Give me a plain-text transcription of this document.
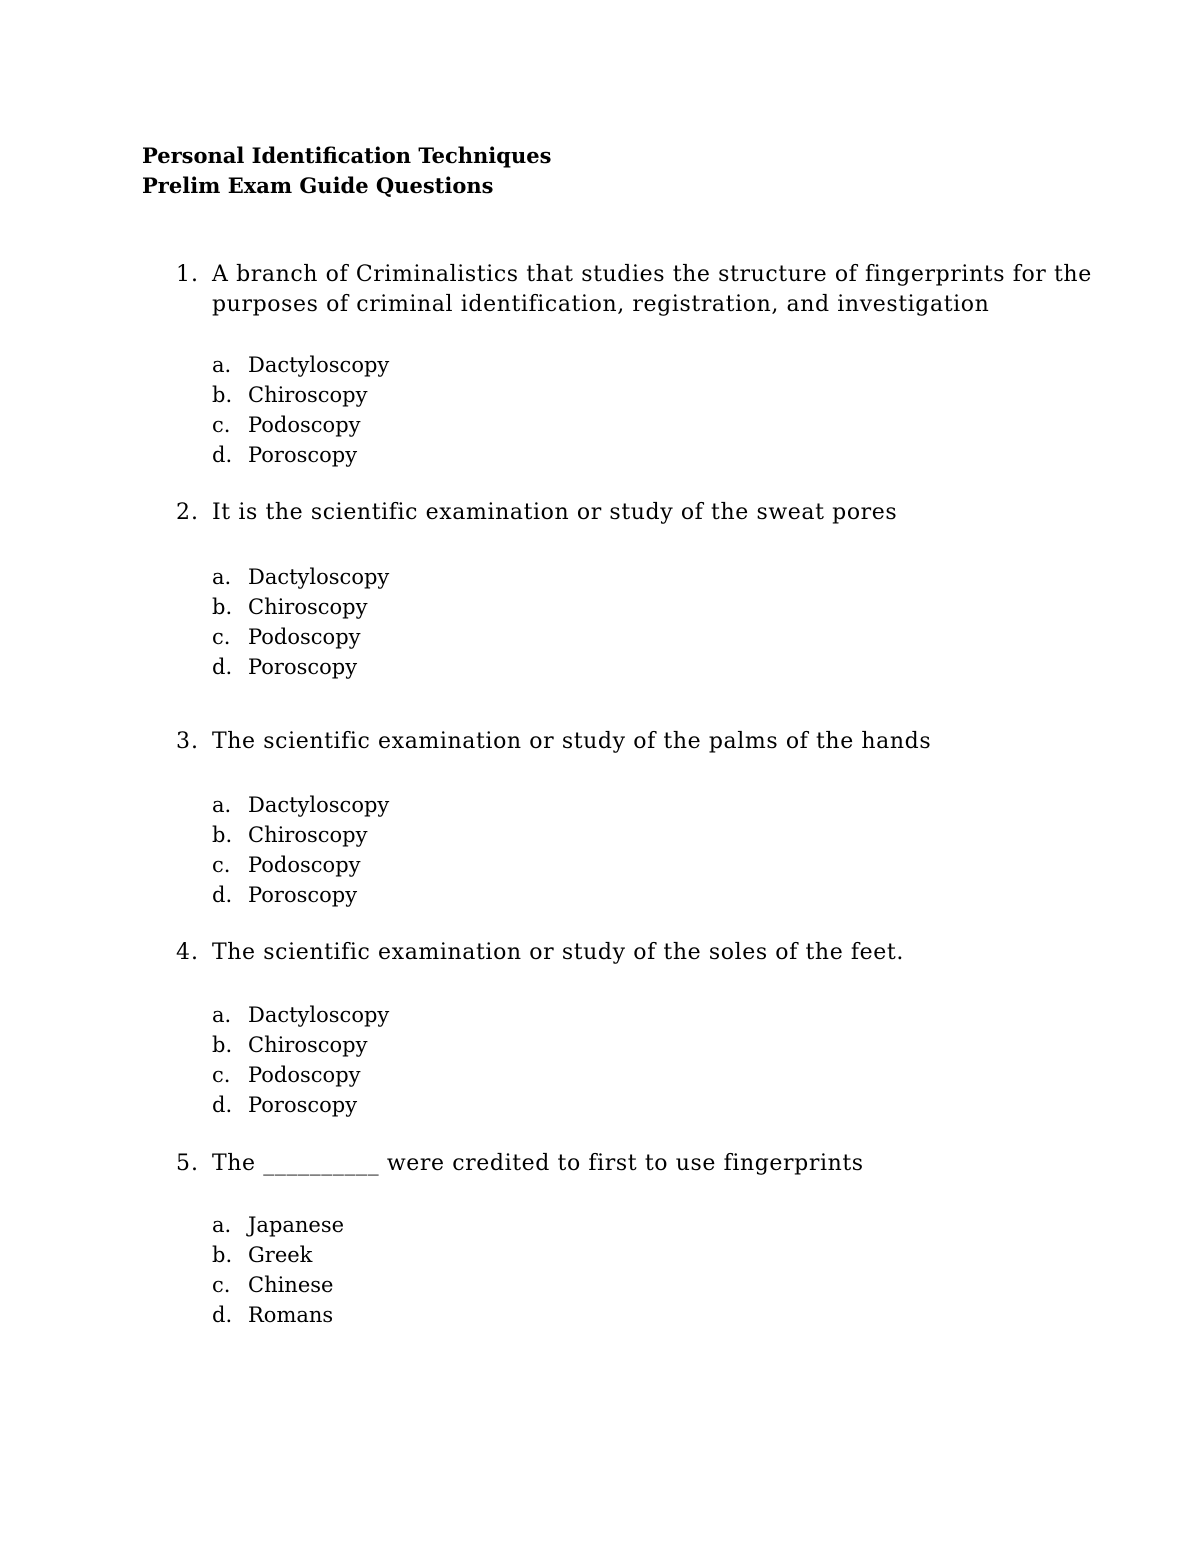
Personal Identification Techniques
Prelim Exam Guide Questions
1. A branch of Criminalistics that studies the structure of fingerprints for the purposes of criminal identification, registration, and investigation
a. Dactyloscopy
b. Chiroscopy
c. Podoscopy
d. Poroscopy
2. It is the scientific examination or study of the sweat pores
a. Dactyloscopy
b. Chiroscopy
c. Podoscopy
d. Poroscopy
3. The scientific examination or study of the palms of the hands
a. Dactyloscopy
b. Chiroscopy
c. Podoscopy
d. Poroscopy
4. The scientific examination or study of the soles of the feet.
a. Dactyloscopy
b. Chiroscopy
c. Podoscopy
d. Poroscopy
5. The __________ were credited to first to use fingerprints
a. Japanese
b. Greek
c. Chinese
d. Romans
